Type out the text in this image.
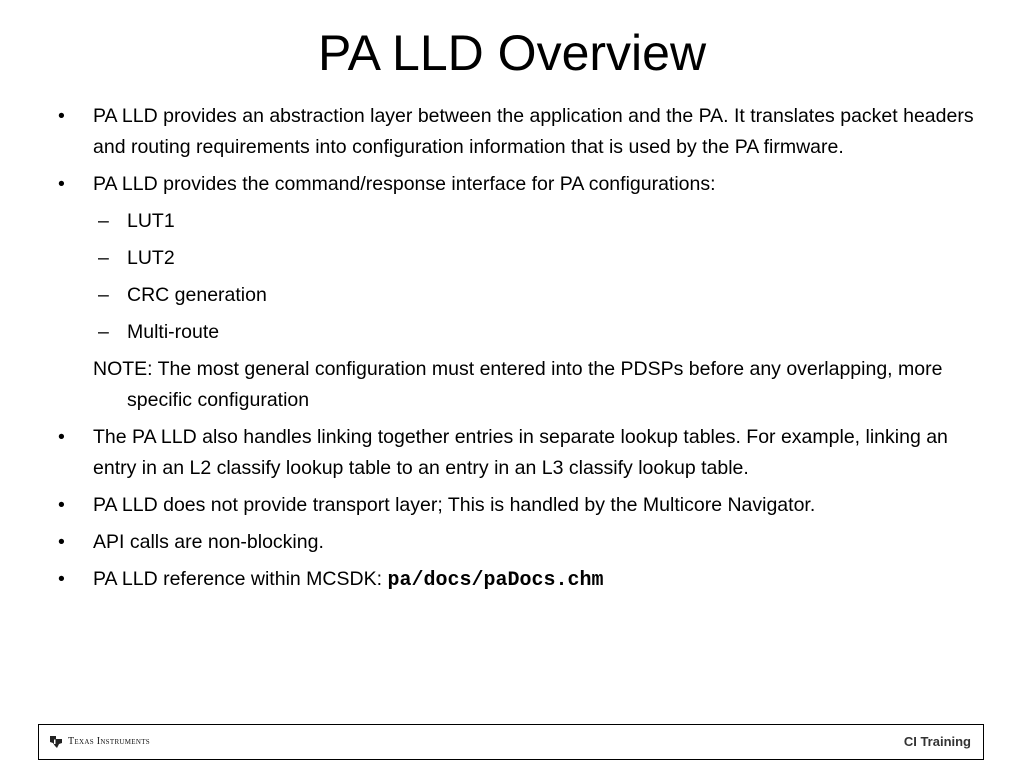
PA LLD Overview
•	PA LLD provides an abstraction layer between the application and the PA. It translates packet headers and routing requirements into configuration information that is used by the PA firmware.
•	PA LLD provides the command/response interface for PA configurations:
– LUT1
– LUT2
– CRC generation
– Multi-route
NOTE: The most general configuration must entered into the PDSPs before any overlapping, more specific configuration
•	The PA LLD also handles linking together entries in separate lookup tables. For example, linking an entry in an L2 classify lookup table to an entry in an L3 classify lookup table.
•	PA LLD does not provide transport layer; This is handled by the Multicore Navigator.
•	API calls are non-blocking.
•	PA LLD reference within MCSDK: pa/docs/paDocs.chm
Texas Instruments	CI Training
